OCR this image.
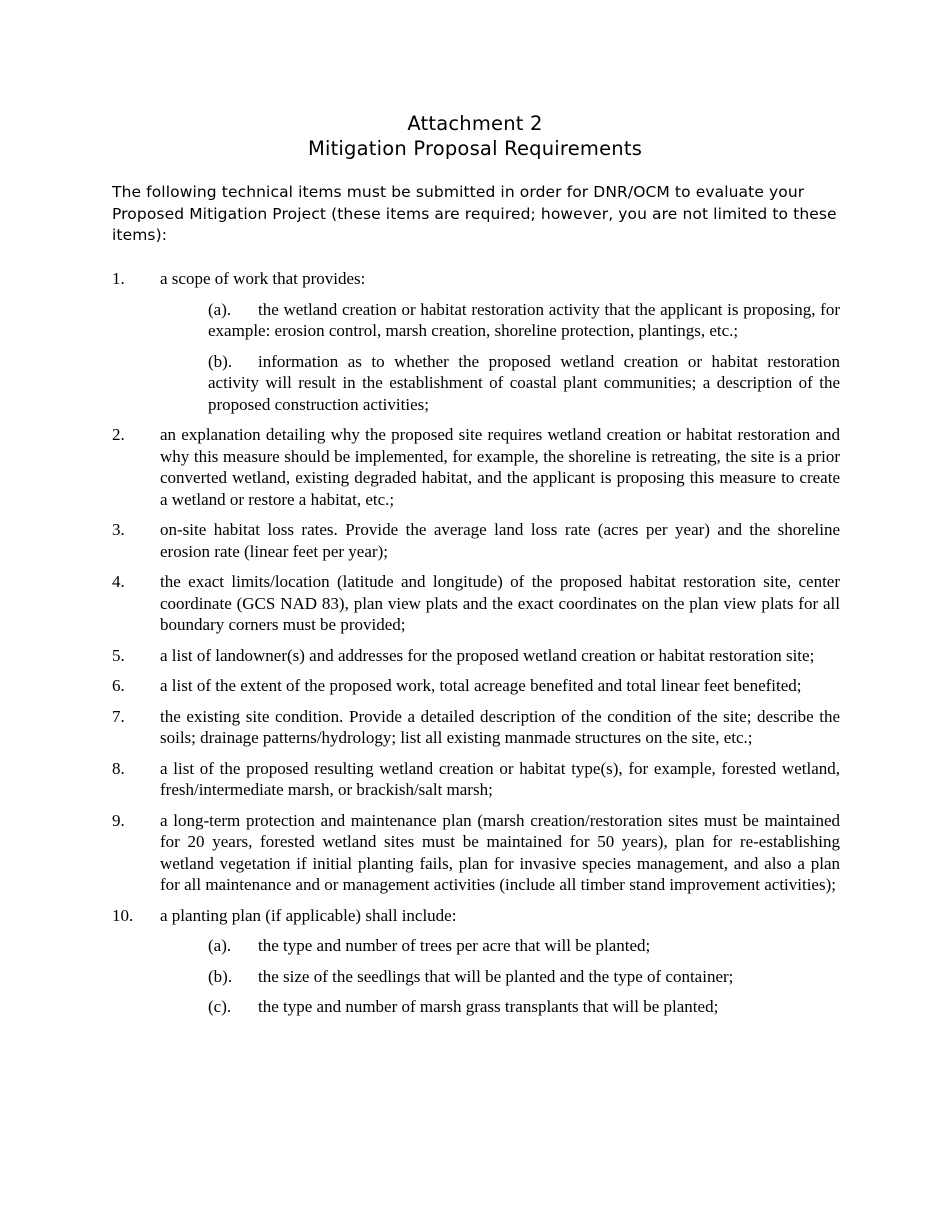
Attachment 2
Mitigation Proposal Requirements
The following technical items must be submitted in order for DNR/OCM to evaluate your Proposed Mitigation Project (these items are required; however, you are not limited to these items):
1. a scope of work that provides:
(a). the wetland creation or habitat restoration activity that the applicant is proposing, for example: erosion control, marsh creation, shoreline protection, plantings, etc.;
(b). information as to whether the proposed wetland creation or habitat restoration activity will result in the establishment of coastal plant communities; a description of the proposed construction activities;
2. an explanation detailing why the proposed site requires wetland creation or habitat restoration and why this measure should be implemented, for example, the shoreline is retreating, the site is a prior converted wetland, existing degraded habitat, and the applicant is proposing this measure to create a wetland or restore a habitat, etc.;
3. on-site habitat loss rates. Provide the average land loss rate (acres per year) and the shoreline erosion rate (linear feet per year);
4. the exact limits/location (latitude and longitude) of the proposed habitat restoration site, center coordinate (GCS NAD 83), plan view plats and the exact coordinates on the plan view plats for all boundary corners must be provided;
5. a list of landowner(s) and addresses for the proposed wetland creation or habitat restoration site;
6. a list of the extent of the proposed work, total acreage benefited and total linear feet benefited;
7. the existing site condition. Provide a detailed description of the condition of the site; describe the soils; drainage patterns/hydrology; list all existing manmade structures on the site, etc.;
8. a list of the proposed resulting wetland creation or habitat type(s), for example, forested wetland, fresh/intermediate marsh, or brackish/salt marsh;
9. a long-term protection and maintenance plan (marsh creation/restoration sites must be maintained for 20 years, forested wetland sites must be maintained for 50 years), plan for re-establishing wetland vegetation if initial planting fails, plan for invasive species management, and also a plan for all maintenance and or management activities (include all timber stand improvement activities);
10. a planting plan (if applicable) shall include:
(a).	the type and number of trees per acre that will be planted;
(b).	the size of the seedlings that will be planted and the type of container;
(c).	the type and number of marsh grass transplants that will be planted;
